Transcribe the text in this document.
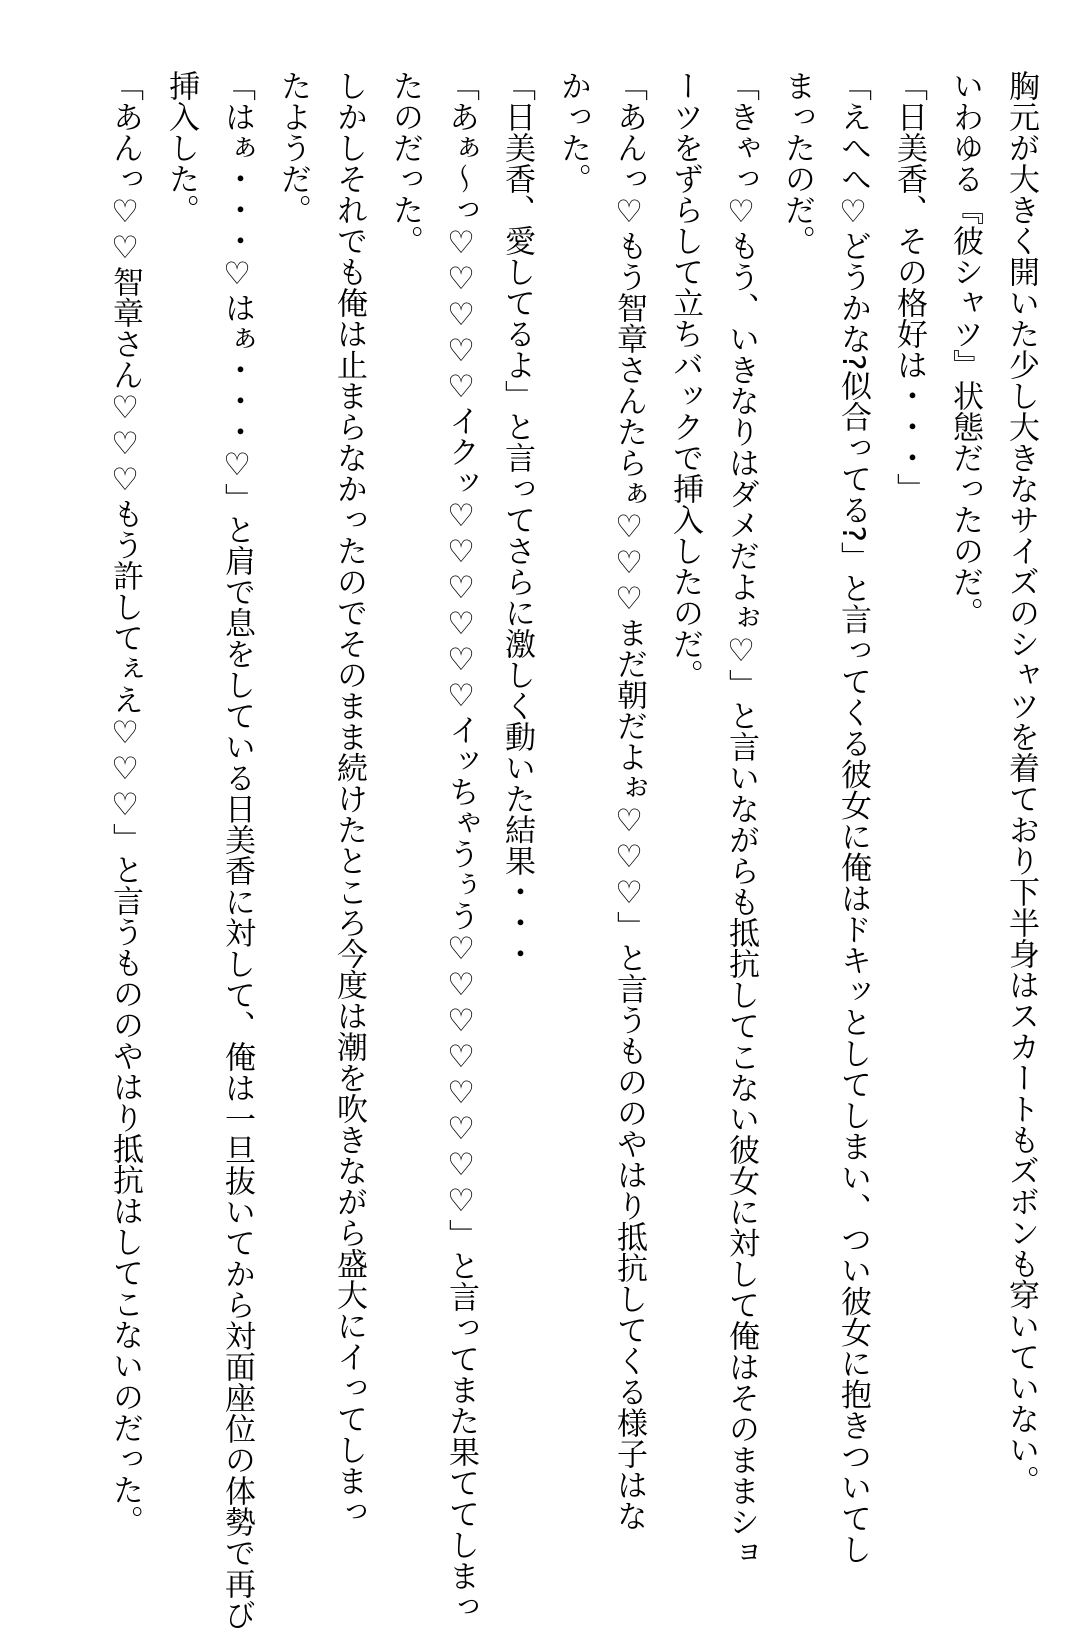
胸元が大きく開いた少し大きなサイズのシャツを着ており下半身はスカートもズボンも穿いていない。
いわゆる『彼シャツ』状態だったのだ。
「日美香、その格好は・・・」
「えへへ♡どうかな?似合ってる?」と言ってくる彼女に俺はドキッとしてしまい、つい彼女に抱きついてし
まったのだ。
「きゃっ♡もう、いきなりはダメだよぉ♡」と言いながらも抵抗してこない彼女に対して俺はそのままショ
ーツをずらして立ちバックで挿入したのだ。
「あんっ♡もう智章さんたらぁ♡♡♡まだ朝だよぉ♡♡♡」と言うもののやはり抵抗してくる様子はな
かった。
「日美香、愛してるよ」と言ってさらに激しく動いた結果・・・
「あぁ〜っ♡♡♡♡♡イクッ♡♡♡♡♡♡イッちゃうぅう♡♡♡♡♡♡♡♡」と言ってまた果ててしまっ
たのだった。
しかしそれでも俺は止まらなかったのでそのまま続けたところ今度は潮を吹きながら盛大にイってしまっ
たようだ。
「はぁ・・・♡はぁ・・・♡」と肩で息をしている日美香に対して、俺は一旦抜いてから対面座位の体勢で再び
挿入した。
「あんっ♡♡智章さん♡♡♡もう許してぇえ♡♡♡」と言うもののやはり抵抗はしてこないのだった。
